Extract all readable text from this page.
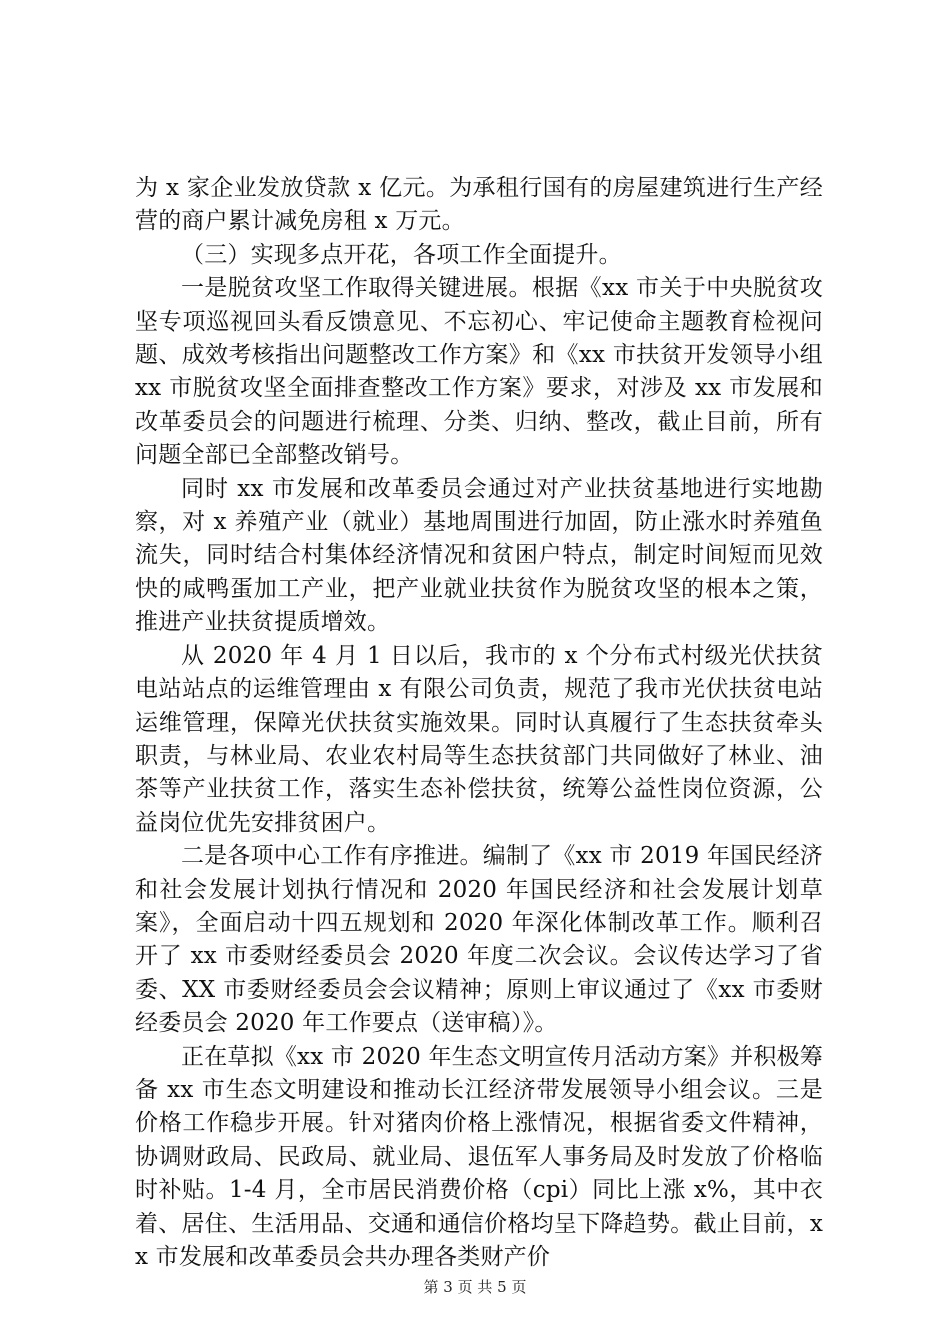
为 x 家企业发放贷款 x 亿元。为承租行国有的房屋建筑进行生产经营的商户累计减免房租 x 万元。

（三）实现多点开花，各项工作全面提升。

一是脱贫攻坚工作取得关键进展。根据《xx 市关于中央脱贫攻坚专项巡视回头看反馈意见、不忘初心、牢记使命主题教育检视问题、成效考核指出问题整改工作方案》和《xx 市扶贫开发领导小组 xx 市脱贫攻坚全面排查整改工作方案》要求，对涉及 xx 市发展和改革委员会的问题进行梳理、分类、归纳、整改，截止目前，所有问题全部已全部整改销号。

同时 xx 市发展和改革委员会通过对产业扶贫基地进行实地勘察，对 x 养殖产业（就业）基地周围进行加固，防止涨水时养殖鱼流失，同时结合村集体经济情况和贫困户特点，制定时间短而见效快的咸鸭蛋加工产业，把产业就业扶贫作为脱贫攻坚的根本之策，推进产业扶贫提质增效。

从 2020 年 4 月 1 日以后，我市的 x 个分布式村级光伏扶贫电站站点的运维管理由 x 有限公司负责，规范了我市光伏扶贫电站运维管理，保障光伏扶贫实施效果。同时认真履行了生态扶贫牵头职责，与林业局、农业农村局等生态扶贫部门共同做好了林业、油茶等产业扶贫工作，落实生态补偿扶贫，统筹公益性岗位资源，公益岗位优先安排贫困户。

二是各项中心工作有序推进。编制了《xx 市 2019 年国民经济和社会发展计划执行情况和 2020 年国民经济和社会发展计划草案》，全面启动十四五规划和 2020 年深化体制改革工作。顺利召开了 xx 市委财经委员会 2020 年度二次会议。会议传达学习了省委、XX 市委财经委员会会议精神；原则上审议通过了《xx 市委财经委员会 2020 年工作要点（送审稿）》。

正在草拟《xx 市 2020 年生态文明宣传月活动方案》并积极筹备 xx 市生态文明建设和推动长江经济带发展领导小组会议。三是价格工作稳步开展。针对猪肉价格上涨情况，根据省委文件精神，协调财政局、民政局、就业局、退伍军人事务局及时发放了价格临时补贴。1-4 月，全市居民消费价格（cpi）同比上涨 x%，其中衣着、居住、生活用品、交通和通信价格均呈下降趋势。截止目前，xx 市发展和改革委员会共办理各类财产价

第 3 页 共 5 页
